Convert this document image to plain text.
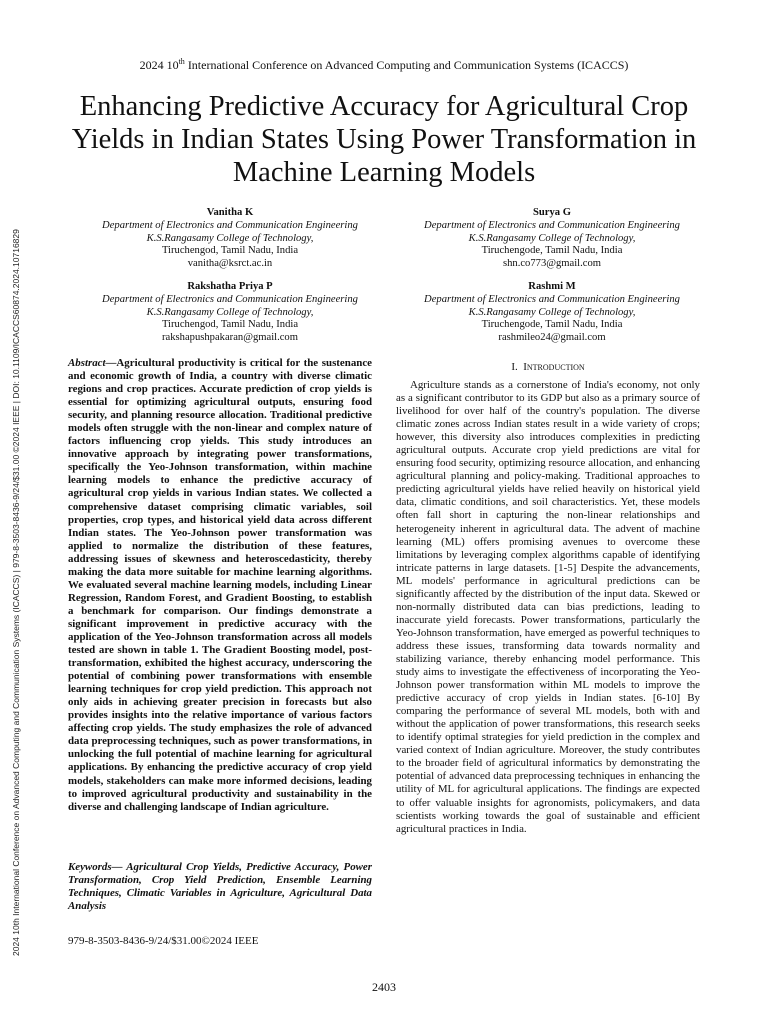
2024 10th International Conference on Advanced Computing and Communication Systems (ICACCS)
Enhancing Predictive Accuracy for Agricultural Crop Yields in Indian States Using Power Transformation in Machine Learning Models
Vanitha K
Department of Electronics and Communication Engineering
K.S.Rangasamy College of Technology,
Tiruchengod, Tamil Nadu, India
vanitha@ksrct.ac.in
Surya G
Department of Electronics and Communication Engineering
K.S.Rangasamy College of Technology,
Tiruchengode, Tamil Nadu, India
shn.co773@gmail.com
Rakshatha Priya P
Department of Electronics and Communication Engineering
K.S.Rangasamy College of Technology,
Tiruchengod, Tamil Nadu, India
rakshapushpakaran@gmail.com
Rashmi M
Department of Electronics and Communication Engineering
K.S.Rangasamy College of Technology,
Tiruchengode, Tamil Nadu, India
rashmileo24@gmail.com
2024 10th International Conference on Advanced Computing and Communication Systems (ICACCS) | 979-8-3503-8436-9/24/$31.00 ©2024 IEEE | DOI: 10.1109/ICACCS60874.2024.10716829	Abstract—Agricultural productivity is critical for the sustenance and economic growth of India, a country with diverse climatic regions and crop practices. Accurate prediction of crop yields is essential for optimizing agricultural outputs, ensuring food security, and planning resource allocation. Traditional predictive models often struggle with the non-linear and complex nature of factors influencing crop yields. This study introduces an innovative approach by integrating power transformations, specifically the Yeo-Johnson transformation, within machine learning models to enhance the predictive accuracy of agricultural crop yields in various Indian states. We collected a comprehensive dataset comprising climatic variables, soil properties, crop types, and historical yield data across different Indian states. The Yeo-Johnson power transformation was applied to normalize the distribution of these features, addressing issues of skewness and heteroscedasticity, thereby making the data more suitable for machine learning algorithms. We evaluated several machine learning models, including Linear Regression, Random Forest, and Gradient Boosting, to establish a benchmark for comparison. Our findings demonstrate a significant improvement in predictive accuracy with the application of the Yeo-Johnson transformation across all models tested are shown in table 1. The Gradient Boosting model, post-transformation, exhibited the highest accuracy, underscoring the potential of combining power transformations with ensemble learning techniques for crop yield prediction. This approach not only aids in achieving greater precision in forecasts but also provides insights into the relative importance of various factors affecting crop yields. The study emphasizes the role of advanced data preprocessing techniques, such as power transformations, in unlocking the full potential of machine learning for agricultural applications. By enhancing the predictive accuracy of crop yield models, stakeholders can make more informed decisions, leading to improved agricultural productivity and sustainability in the diverse and challenging landscape of Indian agriculture.
Keywords— Agricultural Crop Yields, Predictive Accuracy, Power Transformation, Crop Yield Prediction, Ensemble Learning Techniques, Climatic Variables in Agriculture, Agricultural Data Analysis
979-8-3503-8436-9/24/$31.00©2024 IEEE
I. Introduction
Agriculture stands as a cornerstone of India's economy, not only as a significant contributor to its GDP but also as a primary source of livelihood for over half of the country's population. The diverse climatic zones across Indian states result in a wide variety of crops; however, this diversity also introduces complexities in predicting agricultural outputs. Accurate crop yield predictions are vital for ensuring food security, optimizing resource allocation, and enhancing agricultural planning and policy-making. Traditional approaches to predicting agricultural yields have relied heavily on historical yield data, climatic conditions, and soil characteristics. Yet, these models often fall short in capturing the non-linear relationships and heterogeneity inherent in agricultural data. The advent of machine learning (ML) offers promising avenues to overcome these limitations by leveraging complex algorithms capable of identifying intricate patterns in large datasets. [1-5] Despite the advancements, ML models' performance in agricultural predictions can be significantly affected by the distribution of the input data. Skewed or non-normally distributed data can bias predictions, leading to inaccurate yield forecasts. Power transformations, particularly the Yeo-Johnson transformation, have emerged as powerful techniques to address these issues, transforming data towards normality and stabilizing variance, thereby enhancing model performance. This study aims to investigate the effectiveness of incorporating the Yeo-Johnson power transformation within ML models to improve the predictive accuracy of crop yields in Indian states. [6-10] By comparing the performance of several ML models, both with and without the application of power transformations, this research seeks to identify optimal strategies for yield prediction in the complex and varied context of Indian agriculture. Moreover, the study contributes to the broader field of agricultural informatics by demonstrating the potential of advanced data preprocessing techniques in enhancing the utility of ML for agricultural applications. The findings are expected to offer valuable insights for agronomists, policymakers, and data scientists working towards the goal of sustainable and efficient agricultural practices in India.
2403
